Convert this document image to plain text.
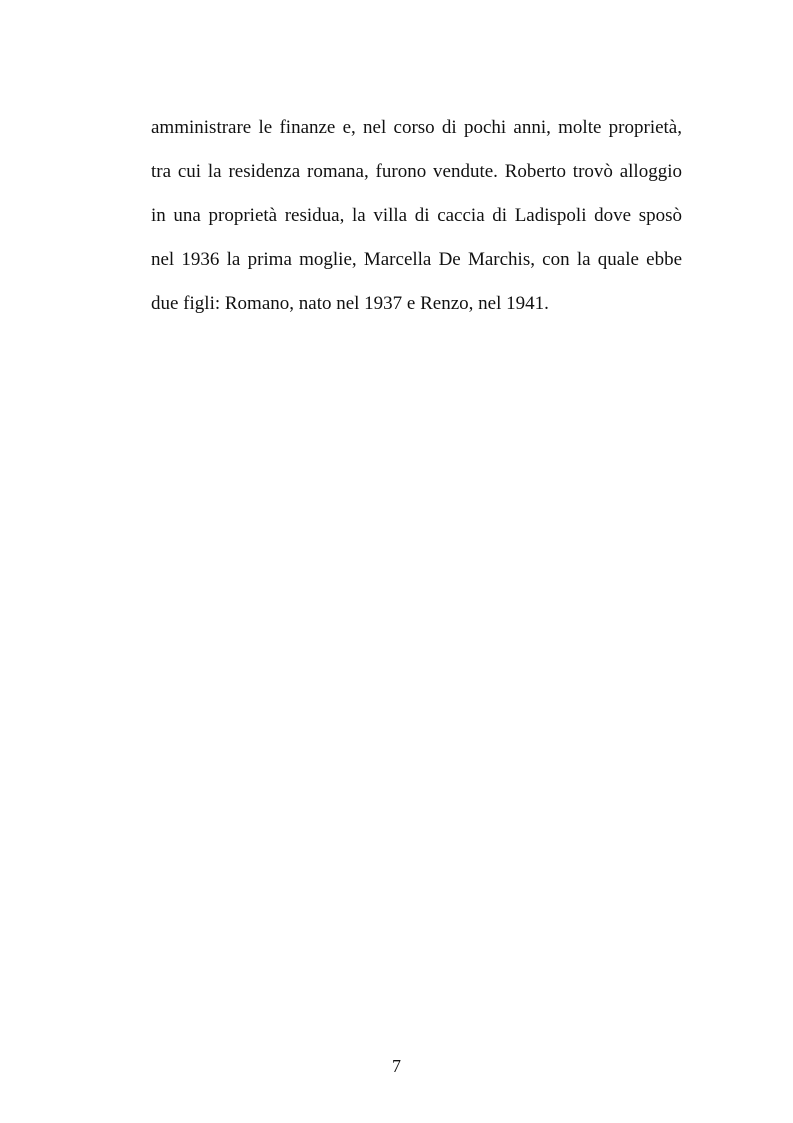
amministrare le finanze e, nel corso di pochi anni, molte proprietà,
tra cui la residenza romana, furono vendute. Roberto trovò alloggio
in una proprietà residua, la villa di caccia di Ladispoli dove sposò
nel 1936 la prima moglie, Marcella De Marchis, con la quale ebbe
due figli: Romano, nato nel 1937 e Renzo, nel 1941.

7
